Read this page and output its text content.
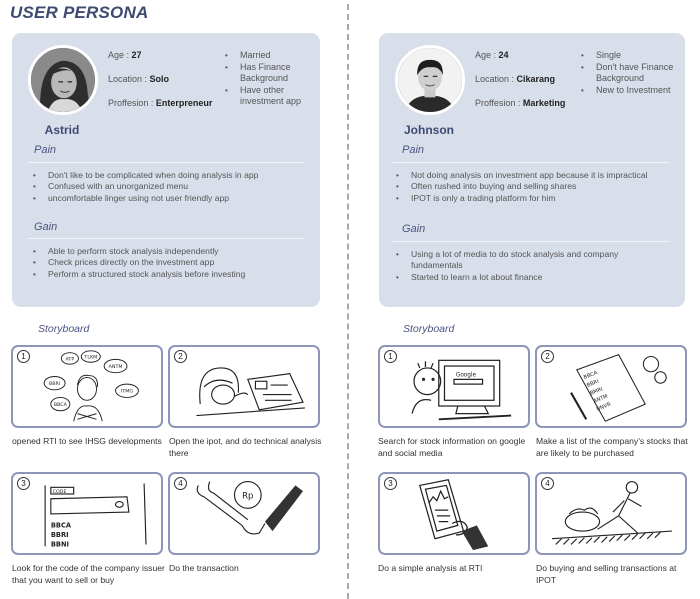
USER PERSONA
Astrid
Age : 27
Location : Solo
Proffesion : Enterpreneur
• Married
• Has Finance Background
• Have other investment app
Pain
• Don't like to be complicated when doing analysis in app
• Confused with an unorganized menu
• uncomfortable linger using not user friendly app
Gain
• Able to perform stock analysis independently
• Check prices directly on the investment app
• Perform a structured stock analysis before investing
Johnson
Age : 24
Location : Cikarang
Proffesion : Marketing
• Single
• Don't have Finance Background
• New to Investment
Pain
• Not doing analysis on investment app because it is impractical
• Often rushed into buying and selling shares
• IPOT is only a trading platform for him
Gain
• Using a lot of media to do stock analysis and company fundamentals
• Started to learn a lot about finance
Storyboard	Storyboard
1	ATP TLKM
ANTM
ITMG
BBRI
BBCA
opened RTI to see IHSG developments
2
Open the ipot, and do technical analysis there
3
CODE
BBCA
BBRI
BBNI
Look for the code of the company issuer that you want to sell or buy
4
Rp
Do the transaction
1
Google
Search for stock information on google and social media
2
BBCA
BBRI
BMRI
ANTM
UNVR
Make a list of the company's stocks that are likely to be purchased
3
Do a simple analysis at RTI
4
Do buying and selling transactions at IPOT
